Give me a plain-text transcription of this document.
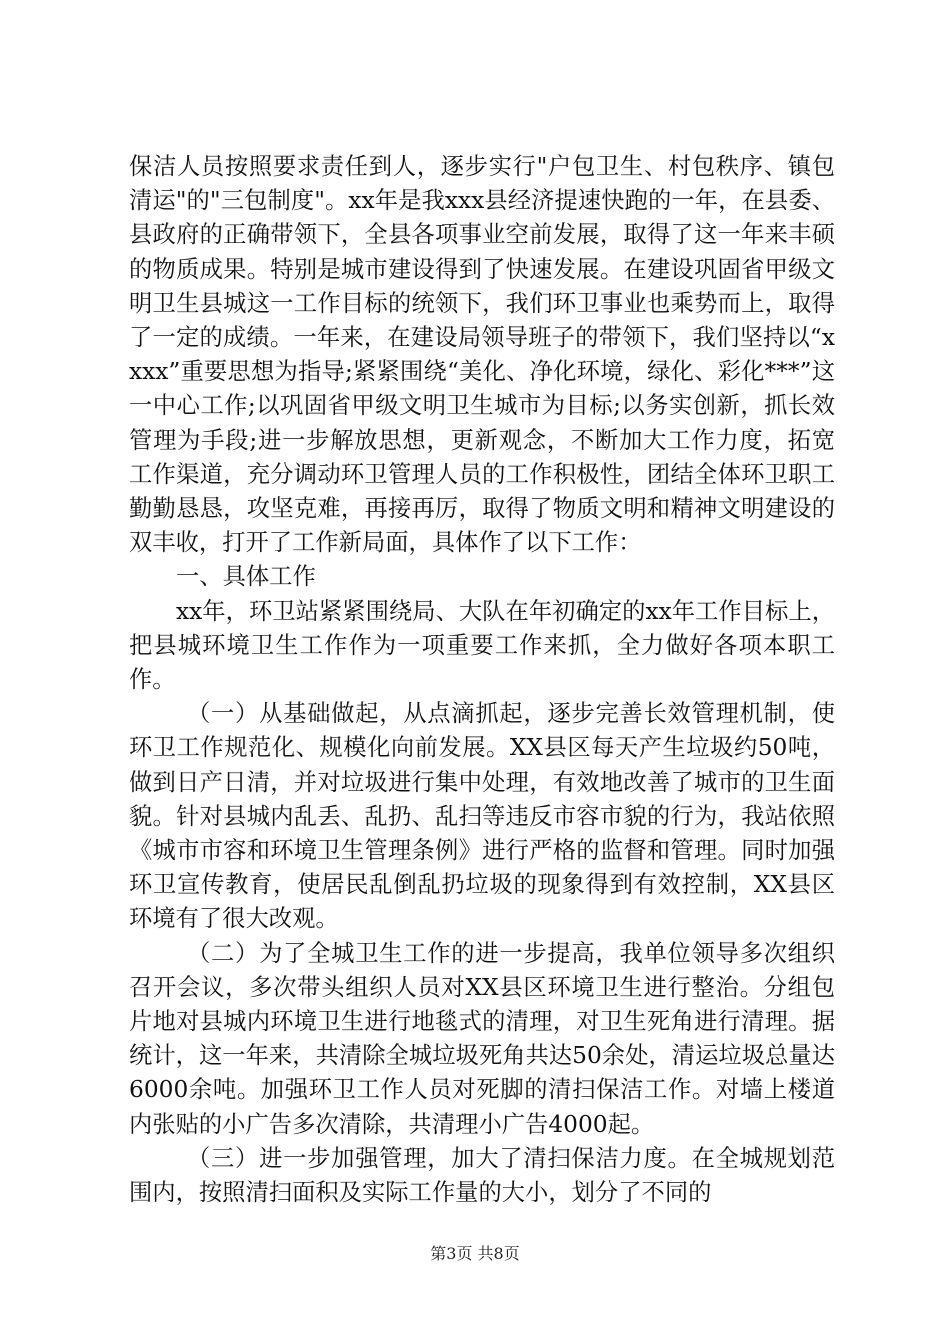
保洁人员按照要求责任到人，逐步实行"户包卫生、村包秩序、镇包清运"的"三包制度"。xx年是我xxx县经济提速快跑的一年，在县委、县政府的正确带领下，全县各项事业空前发展，取得了这一年来丰硕的物质成果。特别是城市建设得到了快速发展。在建设巩固省甲级文明卫生县城这一工作目标的统领下，我们环卫事业也乘势而上，取得了一定的成绩。一年来，在建设局领导班子的带领下，我们坚持以“xxxx”重要思想为指导;紧紧围绕“美化、净化环境，绿化、彩化***”这一中心工作;以巩固省甲级文明卫生城市为目标;以务实创新，抓长效管理为手段;进一步解放思想，更新观念，不断加大工作力度，拓宽工作渠道，充分调动环卫管理人员的工作积极性，团结全体环卫职工勤勤恳恳，攻坚克难，再接再厉，取得了物质文明和精神文明建设的双丰收，打开了工作新局面，具体作了以下工作：

一、具体工作

xx年，环卫站紧紧围绕局、大队在年初确定的xx年工作目标上，把县城环境卫生工作作为一项重要工作来抓，全力做好各项本职工作。

（一）从基础做起，从点滴抓起，逐步完善长效管理机制，使环卫工作规范化、规模化向前发展。XX县区每天产生垃圾约50吨，做到日产日清，并对垃圾进行集中处理，有效地改善了城市的卫生面貌。针对县城内乱丢、乱扔、乱扫等违反市容市貌的行为，我站依照《城市市容和环境卫生管理条例》进行严格的监督和管理。同时加强环卫宣传教育，使居民乱倒乱扔垃圾的现象得到有效控制，XX县区环境有了很大改观。

（二）为了全城卫生工作的进一步提高，我单位领导多次组织召开会议，多次带头组织人员对XX县区环境卫生进行整治。分组包片地对县城内环境卫生进行地毯式的清理，对卫生死角进行清理。据统计，这一年来，共清除全城垃圾死角共达50余处，清运垃圾总量达6000余吨。加强环卫工作人员对死脚的清扫保洁工作。对墙上楼道内张贴的小广告多次清除，共清理小广告4000起。

（三）进一步加强管理，加大了清扫保洁力度。在全城规划范围内，按照清扫面积及实际工作量的大小，划分了不同的

第3页 共8页
